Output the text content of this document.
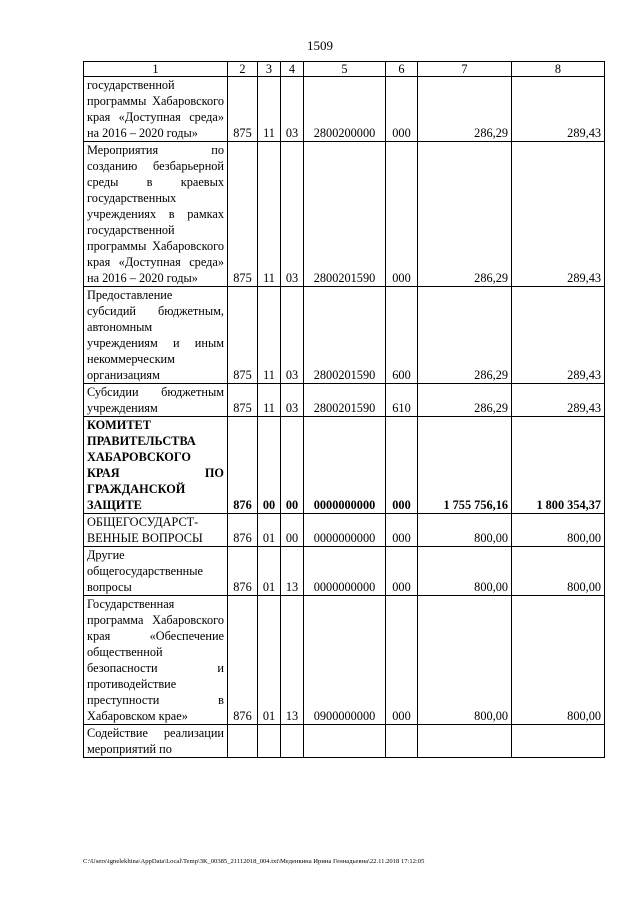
1509
1	2	3	4	5	6	7	8
государственной программы Хабаровского края «Доступная среда» на 2016 – 2020 годы»	875	11	03	2800200000	000	286,29	289,43
Мероприятия по созданию безбарьерной среды в краевых государственных учреждениях в рамках государственной программы Хабаровского края «Доступная среда» на 2016 – 2020 годы»	875	11	03	2800201590	000	286,29	289,43
Предоставление субсидий бюджетным, автономным учреждениям и иным некоммерческим организациям	875	11	03	2800201590	600	286,29	289,43
Субсидии бюджетным учреждениям	875	11	03	2800201590	610	286,29	289,43
КОМИТЕТ ПРАВИТЕЛЬСТВА ХАБАРОВСКОГО КРАЯ ПО ГРАЖДАНСКОЙ ЗАЩИТЕ	876	00	00	0000000000	000	1 755 756,16	1 800 354,37
ОБЩЕГОСУДАРСТ-ВЕННЫЕ ВОПРОСЫ	876	01	00	0000000000	000	800,00	800,00
Другие общегосударственные вопросы	876	01	13	0000000000	000	800,00	800,00
Государственная программа Хабаровского края «Обеспечение общественной безопасности и противодействие преступности в Хабаровском крае»	876	01	13	0900000000	000	800,00	800,00
Содействие реализации мероприятий по							
C:\Users\ignelekhina\AppData\Local\Temp\ЗК_00385_21112018_004.txt\Меденкина Ирина Геннадьевна\22.11.2018 17:12:05
